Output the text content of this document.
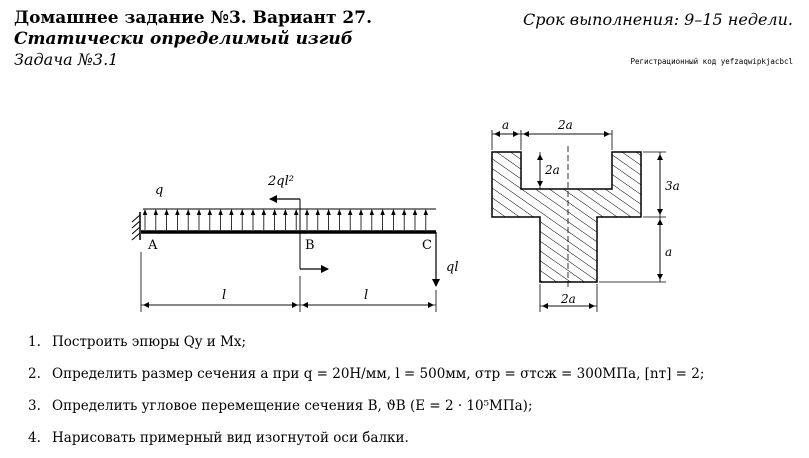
Домашнее задание №3. Вариант 27.
Статически определимый изгиб
Задача №3.1
Срок выполнения: 9–15 недели.
Регистрационный код yefzaqwipkjacbcl
q
2ql²
A	B	C
ql
l	l
a	2a
2a
3a
a
2a
1. Построить эпюры Qy и Mx;
2. Определить размер сечения a при q = 20Н/мм, l = 500мм, σтр = σтсж = 300МПа, [nт] = 2;
3. Определить угловое перемещение сечения B, ϑB (E = 2 · 10⁵МПа);
4. Нарисовать примерный вид изогнутой оси балки.
